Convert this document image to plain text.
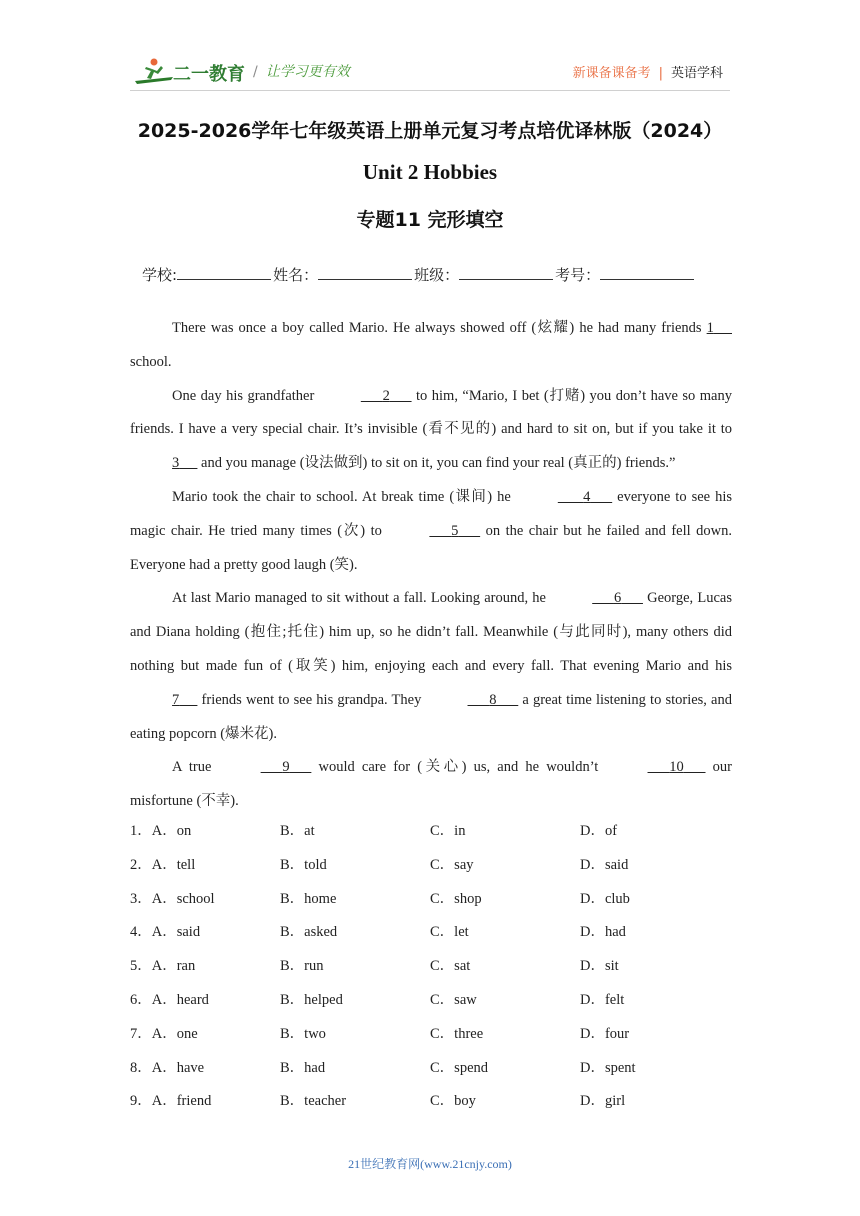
二一教育 / 让学习更有效	新课备课备考 | 英语学科
2025-2026学年七年级英语上册单元复习考点培优译林版（2024）
Unit 2 Hobbies
专题11 完形填空
学校:	姓名：	班级：	考号：

There was once a boy called Mario. He always showed off (炫耀) he had many friends 1      school.

One day his grandfather	2       to him, “Mario, I bet (打赌) you don’t have so many friends. I have a very special chair. It’s invisible (看不见的) and hard to sit on, but if you take it to 3      and you manage (设法做到) to sit on it, you can find your real (真正的) friends.”

Mario took the chair to school. At break time (课间) he	4       everyone to see his magic chair. He tried many times (次) to	5       on the chair but he failed and fell down. Everyone had a pretty good laugh (笑).

At last Mario managed to sit without a fall. Looking around, he	6       George, Lucas and Diana holding (抱住;托住) him up, so he didn’t fall. Meanwhile (与此同时), many others did nothing but made fun of (取笑) him, enjoying each and every fall. That evening Mario and his 7      friends went to see his grandpa. They	8       a great time listening to stories, and eating popcorn (爆米花).

A true	9       would care for (关心) us, and he wouldn’t	10       our misfortune (不幸).

1．A．on	B．at	C．in	D．of
2．A．tell	B．told	C．say	D．said
3．A．school	B．home	C．shop	D．club
4．A．said	B．asked	C．let	D．had
5．A．ran	B．run	C．sat	D．sit
6．A．heard	B．helped	C．saw	D．felt
7．A．one	B．two	C．three	D．four
8．A．have	B．had	C．spend	D．spent
9．A．friend	B．teacher	C．boy	D．girl
21世纪教育网(www.21cnjy.com)
